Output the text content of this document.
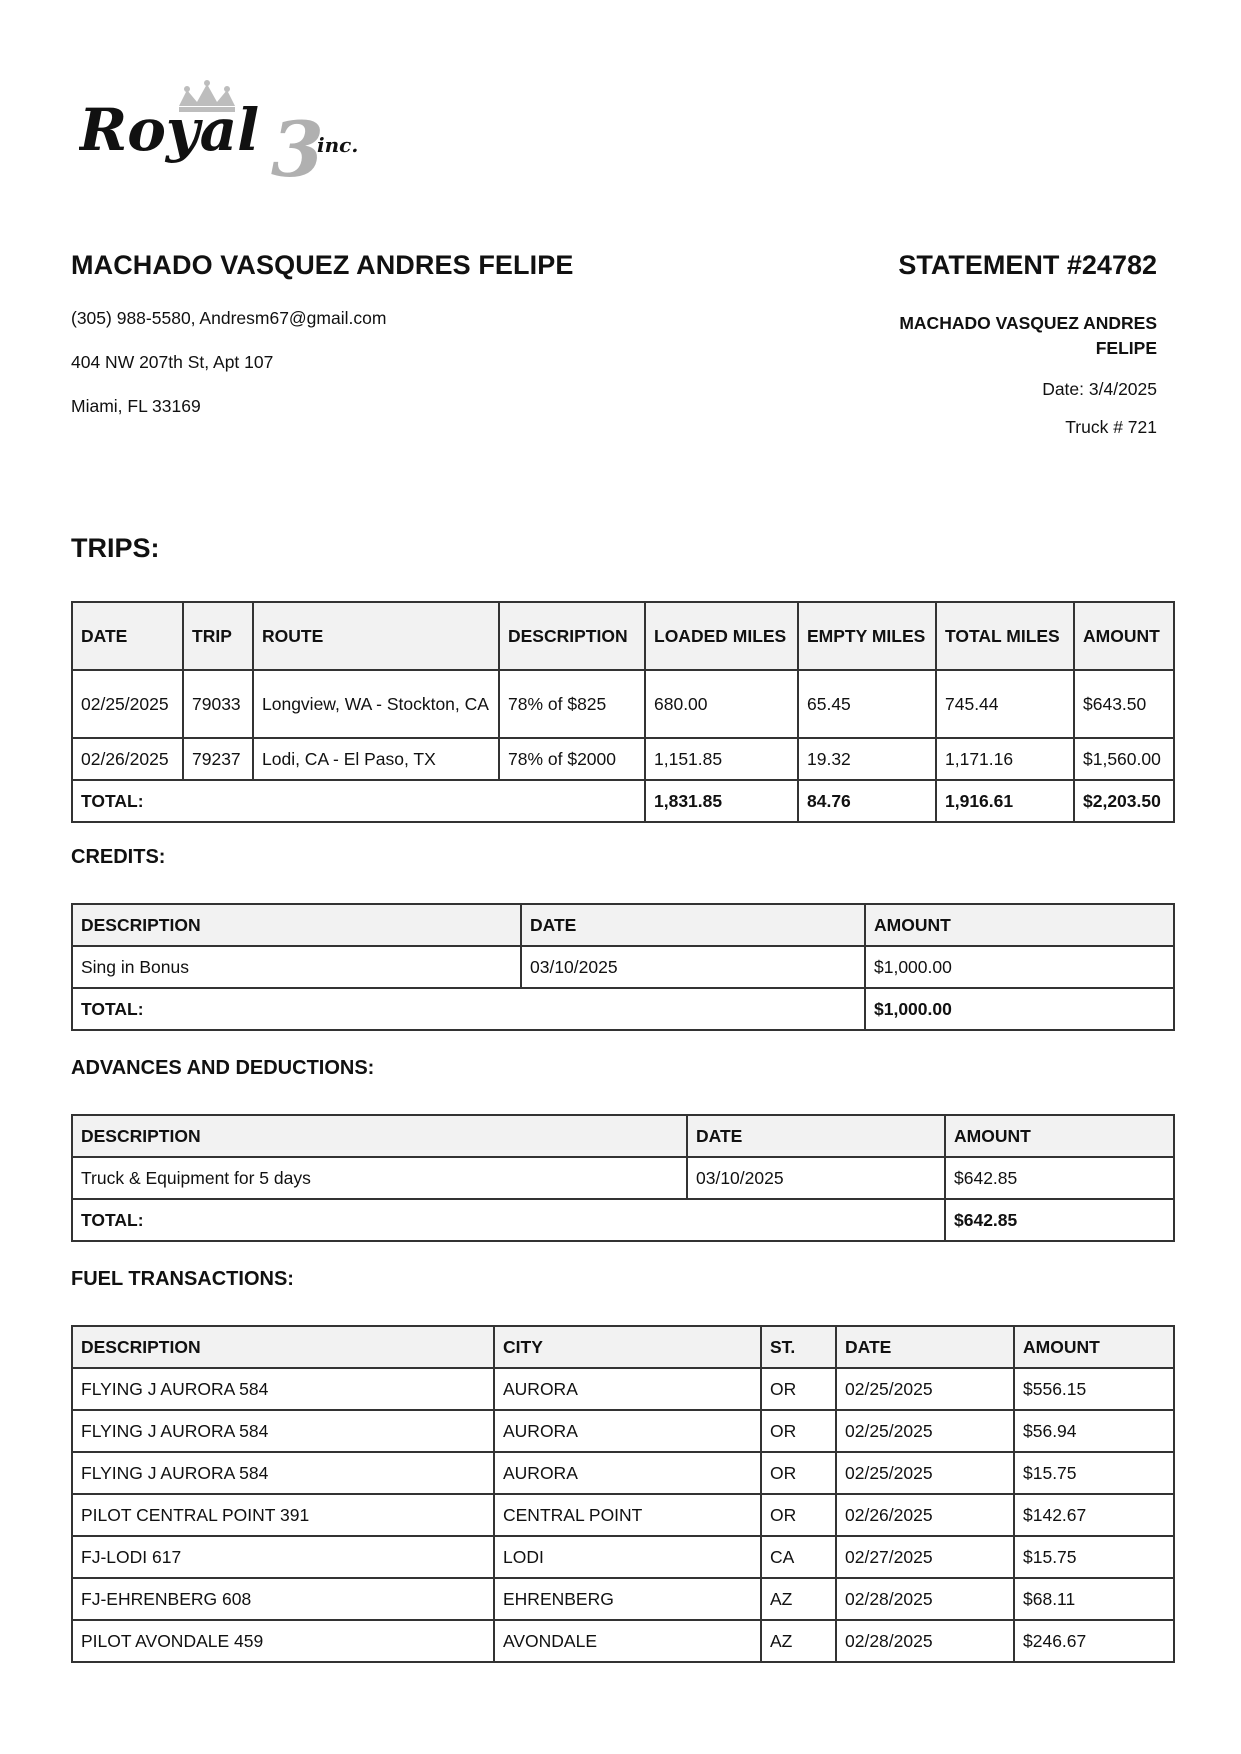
Royal 3
inc.
MACHADO VASQUEZ ANDRES FELIPE	STATEMENT #24782
(305) 988-5580, Andresm67@gmail.com
404 NW 207th St, Apt 107
Miami, FL 33169
MACHADO VASQUEZ ANDRES FELIPE
Date: 3/4/2025
Truck # 721
TRIPS:
DATE	TRIP	ROUTE	DESCRIPTION	LOADED MILES	EMPTY MILES	TOTAL MILES	AMOUNT
02/25/2025	79033	Longview, WA - Stockton, CA	78% of $825	680.00	65.45	745.44	$643.50
02/26/2025	79237	Lodi, CA - El Paso, TX	78% of $2000	1,151.85	19.32	1,171.16	$1,560.00
TOTAL:				1,831.85	84.76	1,916.61	$2,203.50
CREDITS:
DESCRIPTION	DATE	AMOUNT
Sing in Bonus	03/10/2025	$1,000.00
TOTAL:		$1,000.00
ADVANCES AND DEDUCTIONS:
DESCRIPTION	DATE	AMOUNT
Truck & Equipment for 5 days	03/10/2025	$642.85
TOTAL:		$642.85
FUEL TRANSACTIONS:
DESCRIPTION	CITY	ST.	DATE	AMOUNT
FLYING J AURORA 584	AURORA	OR	02/25/2025	$556.15
FLYING J AURORA 584	AURORA	OR	02/25/2025	$56.94
FLYING J AURORA 584	AURORA	OR	02/25/2025	$15.75
PILOT CENTRAL POINT 391	CENTRAL POINT	OR	02/26/2025	$142.67
FJ-LODI 617	LODI	CA	02/27/2025	$15.75
FJ-EHRENBERG 608	EHRENBERG	AZ	02/28/2025	$68.11
PILOT AVONDALE 459	AVONDALE	AZ	02/28/2025	$246.67
